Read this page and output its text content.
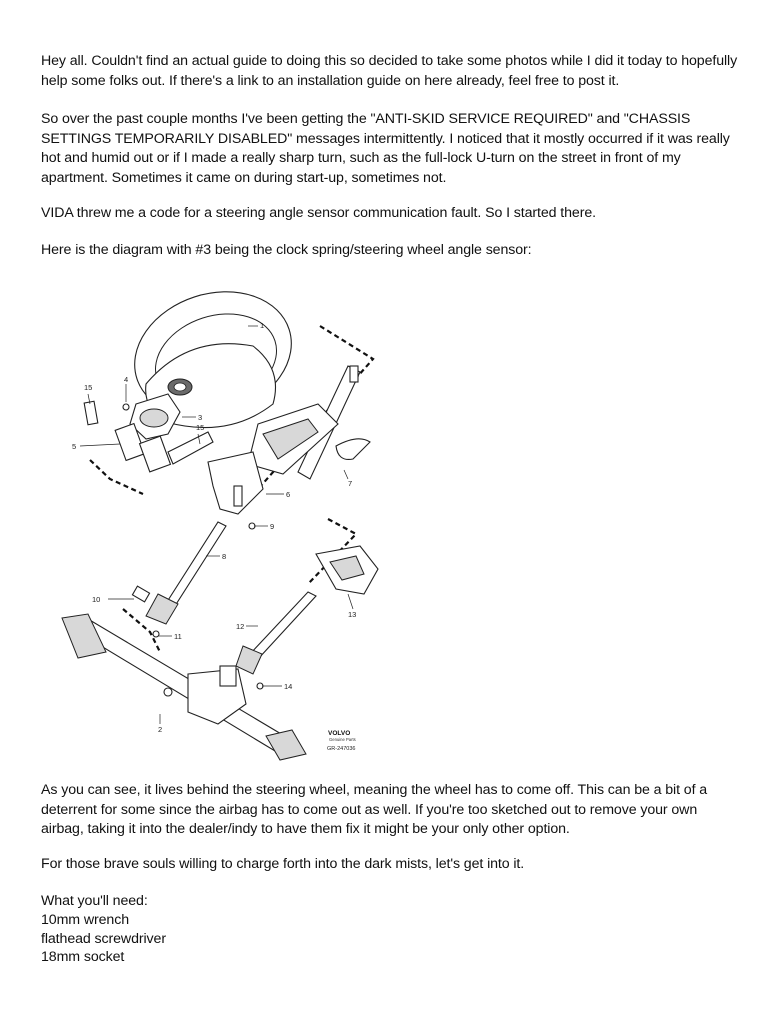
Hey all. Couldn't find an actual guide to doing this so decided to take some photos while I did it today to hopefully help some folks out. If there's a link to an installation guide on here already, feel free to post it.

So over the past couple months I've been getting the "ANTI-SKID SERVICE REQUIRED" and "CHASSIS SETTINGS TEMPORARILY DISABLED" messages intermittently. I noticed that it mostly occurred if it was really hot and humid out or if I made a really sharp turn, such as the full-lock U-turn on the street in front of my apartment. Sometimes it came on during start-up, sometimes not.

VIDA threw me a code for a steering angle sensor communication fault. So I started there.

Here is the diagram with #3 being the clock spring/steering wheel angle sensor:

1
2
3
4
5
6
7
8
9
10
11
12
13
14
15
15
VOLVO
Genuine Parts
GR-247036

As you can see, it lives behind the steering wheel, meaning the wheel has to come off. This can be a bit of a deterrent for some since the airbag has to come out as well. If you're too sketched out to remove your own airbag, taking it into the dealer/indy to have them fix it might be your only other option.

For those brave souls willing to charge forth into the dark mists, let's get into it.

What you'll need:

10mm wrench

flathead screwdriver

18mm socket
